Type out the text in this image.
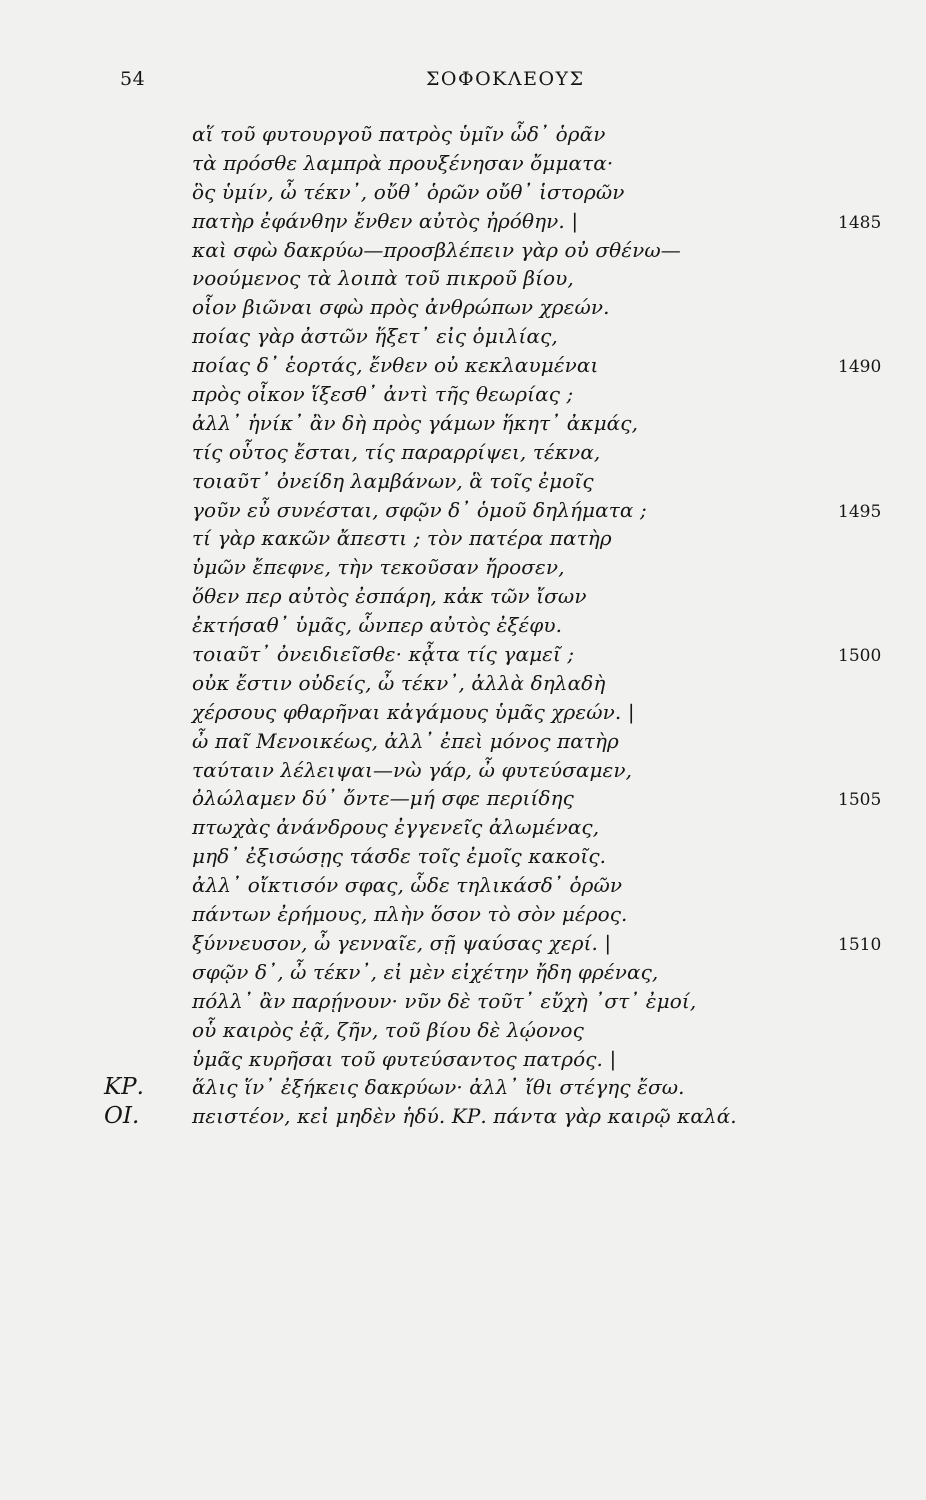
54	ΣΟΦΟΚΛΕΟΥΣ
αἵ τοῦ φυτουργοῦ πατρὸς ὑμῖν ὧδ᾽ ὁρᾶν
τὰ πρόσθε λαμπρὰ προυξένησαν ὄμματα·
ὃς ὑμίν, ὦ τέκν᾽, οὔθ᾽ ὁρῶν οὔθ᾽ ἱστορῶν
πατὴρ ἐφάνθην ἔνθεν αὐτὸς ἠρόθην. |	1485
καὶ σφὼ δακρύω—προσβλέπειν γὰρ οὐ σθένω—
νοούμενος τὰ λοιπὰ τοῦ πικροῦ βίου,
οἷον βιῶναι σφὼ πρὸς ἀνθρώπων χρεών.
ποίας γὰρ ἀστῶν ἥξετ᾽ εἰς ὁμιλίας,
ποίας δ᾽ ἑορτάς, ἔνθεν οὐ κεκλαυμέναι	1490
πρὸς οἶκον ἵξεσθ᾽ ἀντὶ τῆς θεωρίας ;
ἀλλ᾽ ἡνίκ᾽ ἂν δὴ πρὸς γάμων ἥκητ᾽ ἀκμάς,
τίς οὗτος ἔσται, τίς παραρρίψει, τέκνα,
τοιαῦτ᾽ ὀνείδη λαμβάνων, ἃ τοῖς ἐμοῖς
γοῦν εὖ συνέσται, σφῷν δ᾽ ὁμοῦ δηλήματα ;	1495
τί γὰρ κακῶν ἄπεστι ; τὸν πατέρα πατὴρ
ὑμῶν ἔπεφνε, τὴν τεκοῦσαν ἤροσεν,
ὅθεν περ αὐτὸς ἐσπάρη, κἀκ τῶν ἴσων
ἐκτήσαθ᾽ ὑμᾶς, ὧνπερ αὐτὸς ἐξέφυ.
τοιαῦτ᾽ ὀνειδιεῖσθε· κᾆτα τίς γαμεῖ ;	1500
οὐκ ἔστιν οὐδείς, ὦ τέκν᾽, ἀλλὰ δηλαδὴ
χέρσους φθαρῆναι κἀγάμους ὑμᾶς χρεών. |
ὦ παῖ Μενοικέως, ἀλλ᾽ ἐπεὶ μόνος πατὴρ
ταύταιν λέλειψαι—νὼ γάρ, ὦ φυτεύσαμεν,
ὀλώλαμεν δύ᾽ ὄντε—μή σφε περιίδης	1505
πτωχὰς ἀνάνδρους ἐγγενεῖς ἀλωμένας,
μηδ᾽ ἐξισώσῃς τάσδε τοῖς ἐμοῖς κακοῖς.
ἀλλ᾽ οἴκτισόν σφας, ὧδε τηλικάσδ᾽ ὁρῶν
πάντων ἐρήμους, πλὴν ὅσον τὸ σὸν μέρος.
ξύννευσον, ὦ γενναῖε, σῇ ψαύσας χερί. |	1510
σφῷν δ᾽, ὦ τέκν᾽, εἰ μὲν εἰχέτην ἤδη φρένας,
πόλλ᾽ ἂν παρῄνουν· νῦν δὲ τοῦτ᾽ εὔχὴ ᾽στ᾽ ἐμοί,
οὗ καιρὸς ἐᾷ, ζῆν, τοῦ βίου δὲ λῴονος
ὑμᾶς κυρῆσαι τοῦ φυτεύσαντος πατρός. |
ΚΡ. ἅλις ἵν᾽ ἐξήκεις δακρύων· ἀλλ᾽ ἴθι στέγης ἔσω.
ΟΙ.	πειστέον, κεἰ μηδὲν ἡδύ. ΚΡ. πάντα γὰρ καιρῷ καλά.
